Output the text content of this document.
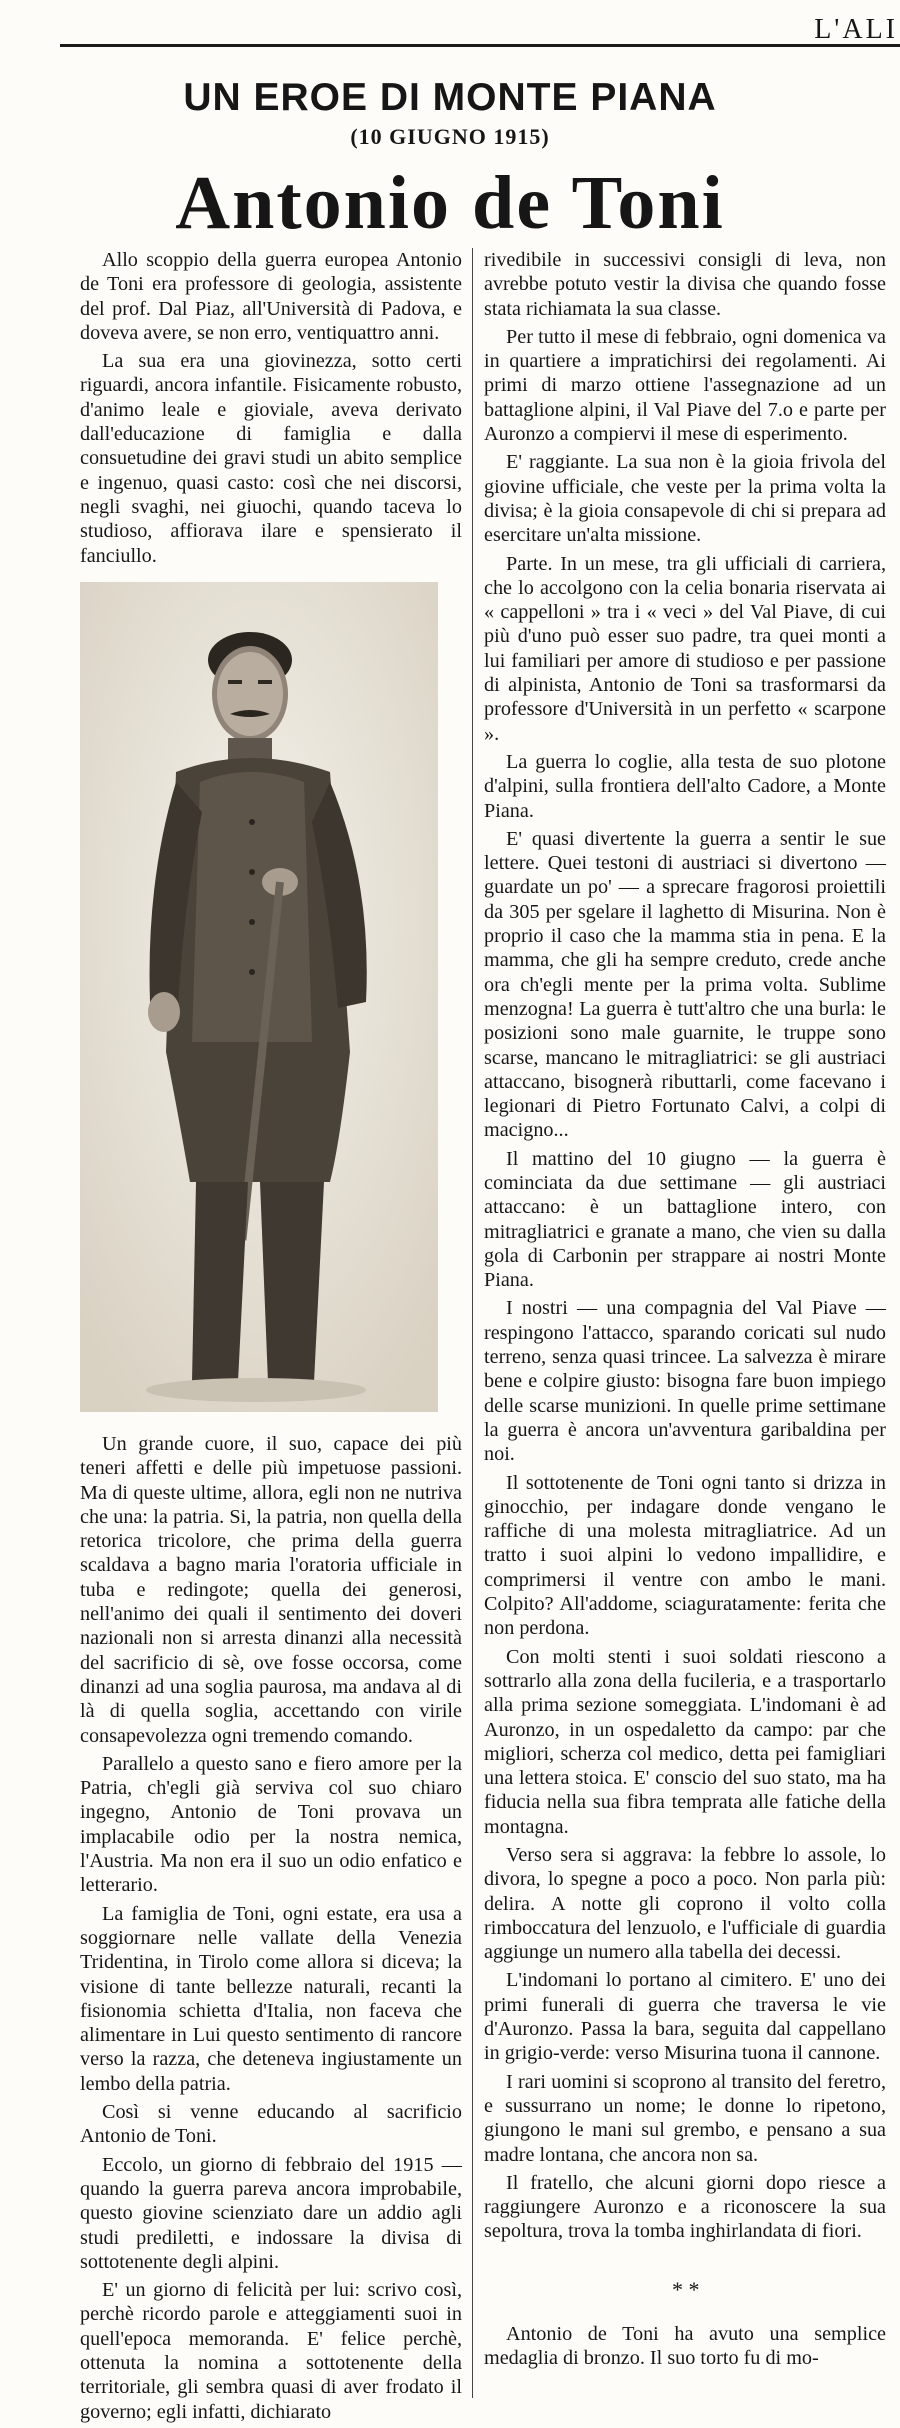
L'ALI
UN EROE DI MONTE PIANA
(10 GIUGNO 1915)
Antonio de Toni

Allo scoppio della guerra europea Antonio de Toni era professore di geologia, assistente del prof. Dal Piaz, all'Università di Padova, e doveva avere, se non erro, ventiquattro anni.

La sua era una giovinezza, sotto certi riguardi, ancora infantile. Fisicamente robusto, d'animo leale e gioviale, aveva derivato dall'educazione di famiglia e dalla consuetudine dei gravi studi un abito semplice e ingenuo, quasi casto: così che nei discorsi, negli svaghi, nei giuochi, quando taceva lo studioso, affiorava ilare e spensierato il fanciullo.

Un grande cuore, il suo, capace dei più teneri affetti e delle più impetuose passioni. Ma di queste ultime, allora, egli non ne nutriva che una: la patria. Si, la patria, non quella della retorica tricolore, che prima della guerra scaldava a bagno maria l'oratoria ufficiale in tuba e redingote; quella dei generosi, nell'animo dei quali il sentimento dei doveri nazionali non si arresta dinanzi alla necessità del sacrificio di sè, ove fosse occorsa, come dinanzi ad una soglia paurosa, ma andava al di là di quella soglia, accettando con virile consapevolezza ogni tremendo comando.

Parallelo a questo sano e fiero amore per la Patria, ch'egli già serviva col suo chiaro ingegno, Antonio de Toni provava un implacabile odio per la nostra nemica, l'Austria. Ma non era il suo un odio enfatico e letterario.

La famiglia de Toni, ogni estate, era usa a soggiornare nelle vallate della Venezia Tridentina, in Tirolo come allora si diceva; la visione di tante bellezze naturali, recanti la fisionomia schietta d'Italia, non faceva che alimentare in Lui questo sentimento di rancore verso la razza, che deteneva ingiustamente un lembo della patria.

Così si venne educando al sacrificio Antonio de Toni.

Eccolo, un giorno di febbraio del 1915 — quando la guerra pareva ancora improbabile, questo giovine scienziato dare un addio agli studi prediletti, e indossare la divisa di sottotenente degli alpini.

E' un giorno di felicità per lui: scrivo così, perchè ricordo parole e atteggiamenti suoi in quell'epoca memoranda. E' felice perchè, ottenuta la nomina a sottotenente della territoriale, gli sembra quasi di aver frodato il governo; egli infatti, dichiarato

rivedibile in successivi consigli di leva, non avrebbe potuto vestir la divisa che quando fosse stata richiamata la sua classe.

Per tutto il mese di febbraio, ogni domenica va in quartiere a impratichirsi dei regolamenti. Ai primi di marzo ottiene l'assegnazione ad un battaglione alpini, il Val Piave del 7.o e parte per Auronzo a compiervi il mese di esperimento.

E' raggiante. La sua non è la gioia frivola del giovine ufficiale, che veste per la prima volta la divisa; è la gioia consapevole di chi si prepara ad esercitare un'alta missione.

Parte. In un mese, tra gli ufficiali di carriera, che lo accolgono con la celia bonaria riservata ai « cappelloni » tra i « veci » del Val Piave, di cui più d'uno può esser suo padre, tra quei monti a lui familiari per amore di studioso e per passione di alpinista, Antonio de Toni sa trasformarsi da professore d'Università in un perfetto « scarpone ».

La guerra lo coglie, alla testa de suo plotone d'alpini, sulla frontiera dell'alto Cadore, a Monte Piana.

E' quasi divertente la guerra a sentir le sue lettere. Quei testoni di austriaci si divertono — guardate un po' — a sprecare fragorosi proiettili da 305 per sgelare il laghetto di Misurina. Non è proprio il caso che la mamma stia in pena. E la mamma, che gli ha sempre creduto, crede anche ora ch'egli mente per la prima volta. Sublime menzogna! La guerra è tutt'altro che una burla: le posizioni sono male guarnite, le truppe sono scarse, mancano le mitragliatrici: se gli austriaci attaccano, bisognerà ributtarli, come facevano i legionari di Pietro Fortunato Calvi, a colpi di macigno...

Il mattino del 10 giugno — la guerra è cominciata da due settimane — gli austriaci attaccano: è un battaglione intero, con mitragliatrici e granate a mano, che vien su dalla gola di Carbonin per strappare ai nostri Monte Piana.

I nostri — una compagnia del Val Piave — respingono l'attacco, sparando coricati sul nudo terreno, senza quasi trincee. La salvezza è mirare bene e colpire giusto: bisogna fare buon impiego delle scarse munizioni. In quelle prime settimane la guerra è ancora un'avventura garibaldina per noi.

Il sottotenente de Toni ogni tanto si drizza in ginocchio, per indagare donde vengano le raffiche di una molesta mitragliatrice. Ad un tratto i suoi alpini lo vedono impallidire, e comprimersi il ventre con ambo le mani. Colpito? All'addome, sciaguratamente: ferita che non perdona.

Con molti stenti i suoi soldati riescono a sottrarlo alla zona della fucileria, e a trasportarlo alla prima sezione someggiata. L'indomani è ad Auronzo, in un ospedaletto da campo: par che migliori, scherza col medico, detta pei famigliari una lettera stoica. E' conscio del suo stato, ma ha fiducia nella sua fibra temprata alle fatiche della montagna.

Verso sera si aggrava: la febbre lo assole, lo divora, lo spegne a poco a poco. Non parla più: delira. A notte gli coprono il volto colla rimboccatura del lenzuolo, e l'ufficiale di guardia aggiunge un numero alla tabella dei decessi.

L'indomani lo portano al cimitero. E' uno dei primi funerali di guerra che traversa le vie d'Auronzo. Passa la bara, seguita dal cappellano in grigio-verde: verso Misurina tuona il cannone.

I rari uomini si scoprono al transito del feretro, e sussurrano un nome; le donne lo ripetono, giungono le mani sul grembo, e pensano a sua madre lontana, che ancora non sa.

Il fratello, che alcuni giorni dopo riesce a raggiungere Auronzo e a riconoscere la sua sepoltura, trova la tomba inghirlandata di fiori.

* *

Antonio de Toni ha avuto una semplice medaglia di bronzo. Il suo torto fu di mo-
